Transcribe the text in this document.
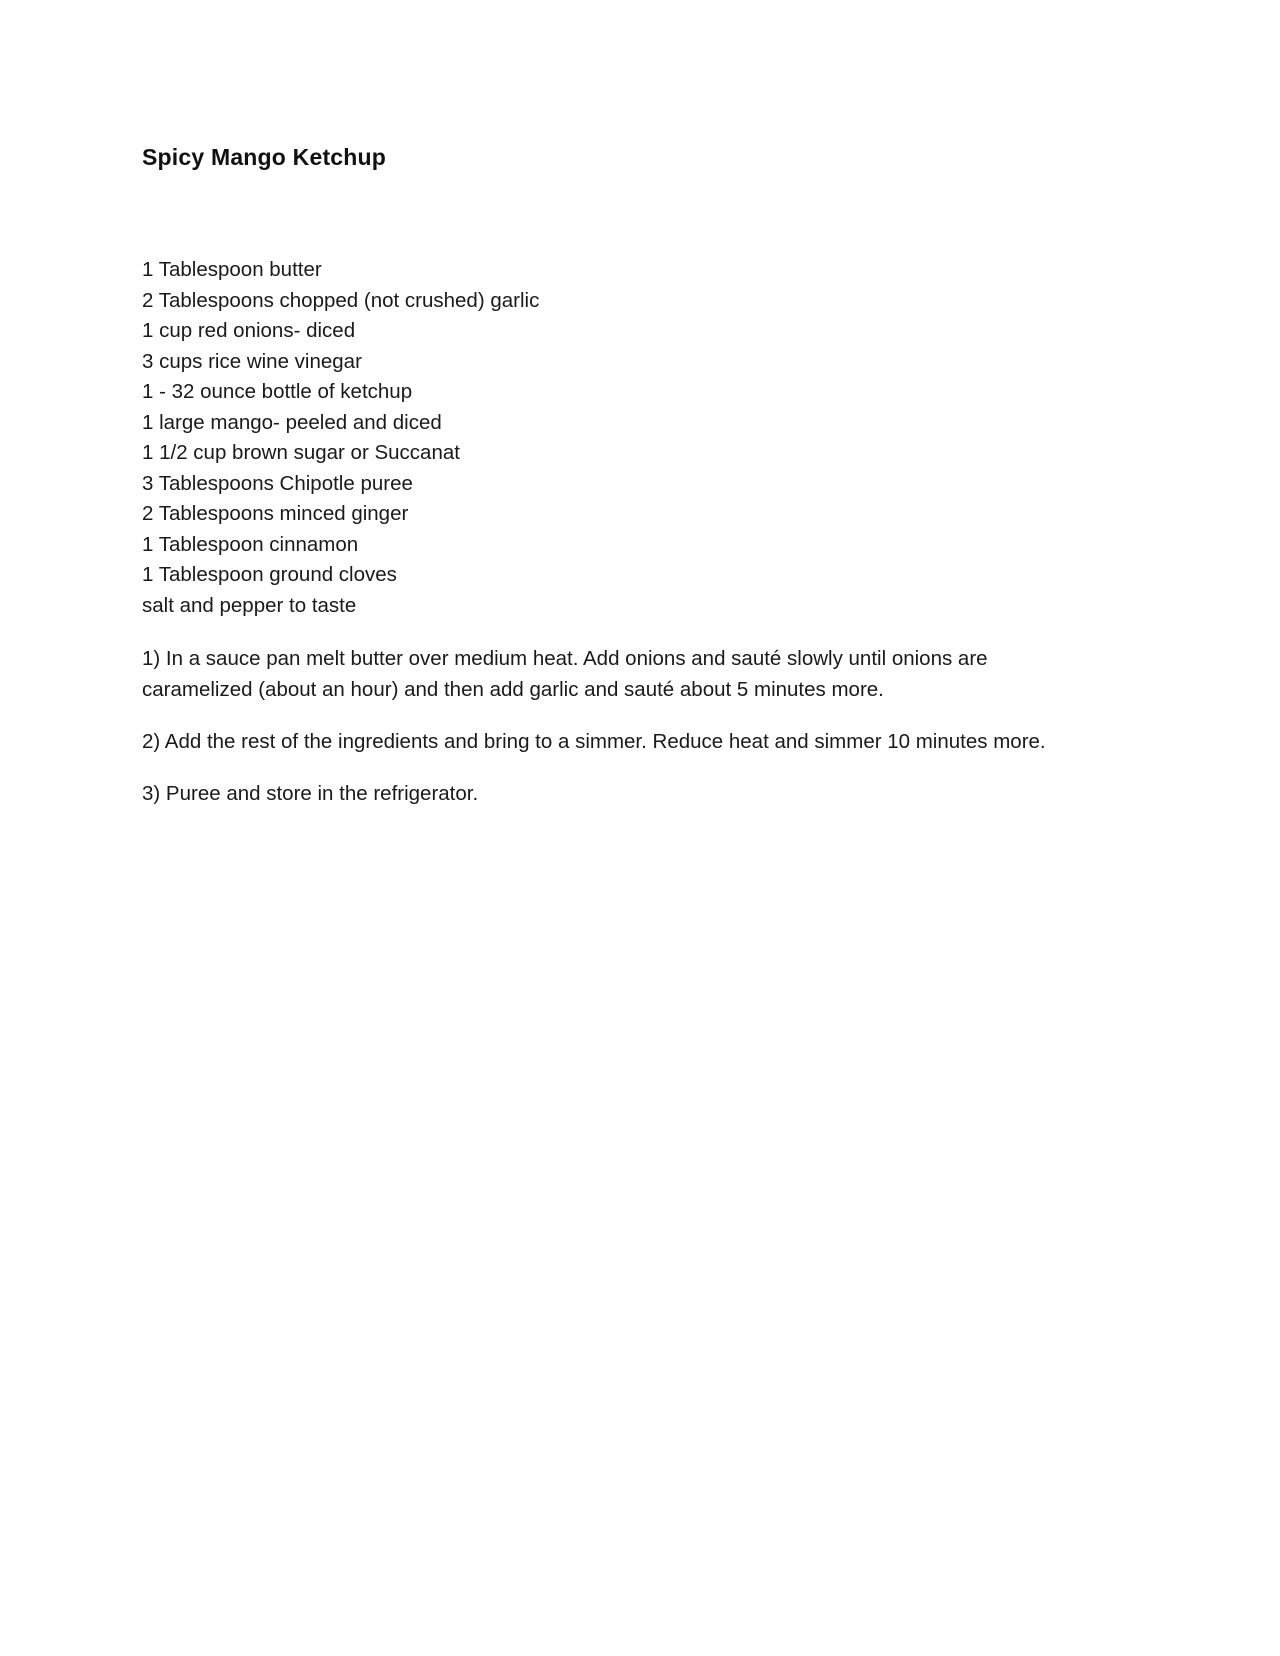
Spicy Mango Ketchup
1 Tablespoon butter
2 Tablespoons chopped (not crushed) garlic
1 cup red onions- diced
3 cups rice wine vinegar
1 - 32 ounce bottle of ketchup
1 large mango- peeled and diced
1 1/2 cup brown sugar or Succanat
3 Tablespoons Chipotle puree
2 Tablespoons minced ginger
1 Tablespoon cinnamon
1 Tablespoon ground cloves
salt and pepper to taste

1) In a sauce pan melt butter over medium heat. Add onions and sauté slowly until onions are caramelized (about an hour) and then add garlic and sauté about 5 minutes more.

2) Add the rest of the ingredients and bring to a simmer. Reduce heat and simmer 10 minutes more.

3) Puree and store in the refrigerator.
